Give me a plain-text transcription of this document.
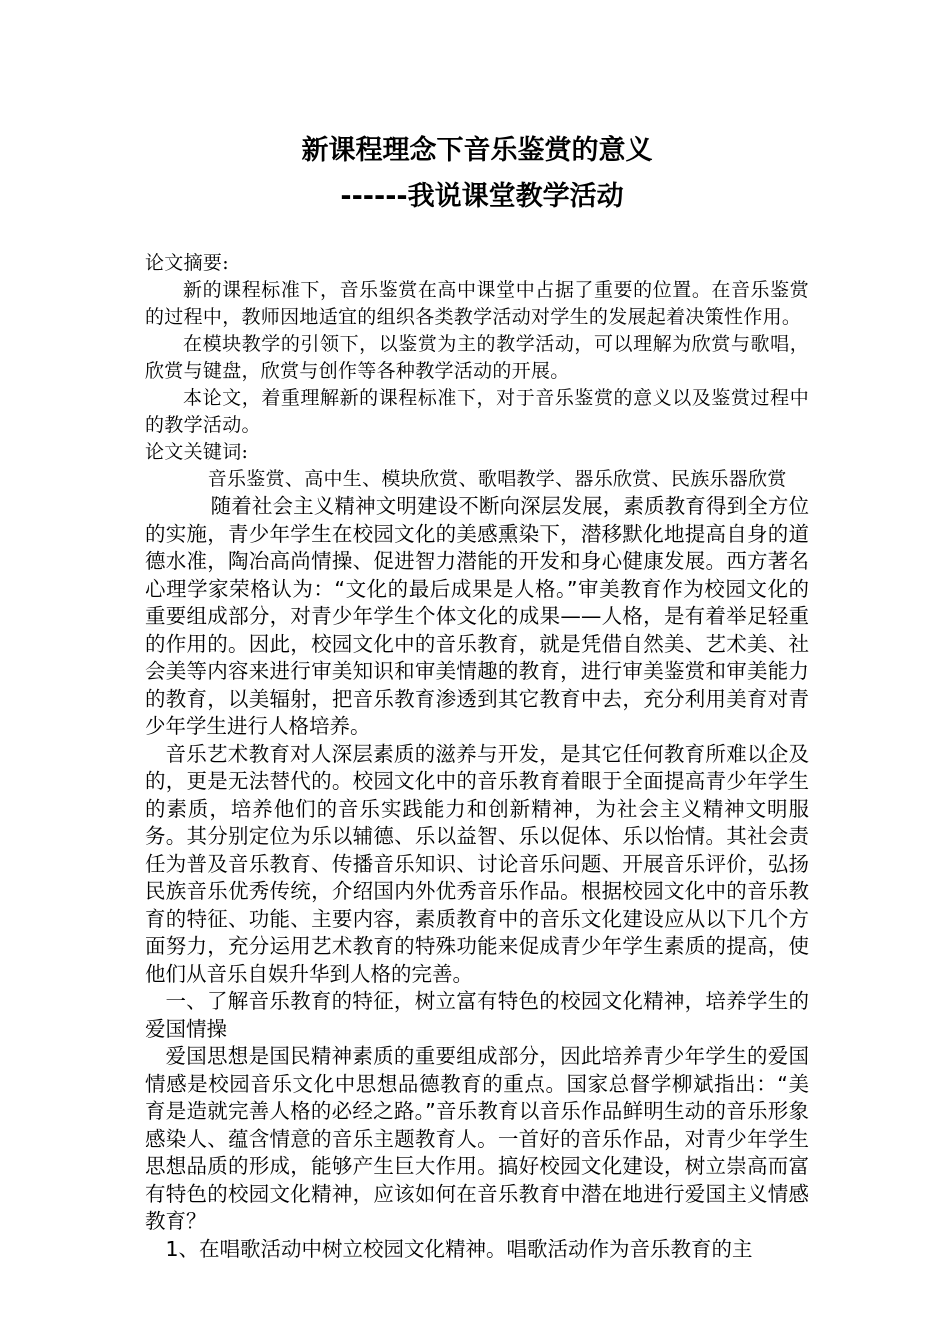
新课程理念下音乐鉴赏的意义
------我说课堂教学活动

论文摘要:

新的课程标准下，音乐鉴赏在高中课堂中占据了重要的位置。在音乐鉴赏的过程中，教师因地适宜的组织各类教学活动对学生的发展起着决策性作用。

在模块教学的引领下，以鉴赏为主的教学活动，可以理解为欣赏与歌唱，欣赏与键盘，欣赏与创作等各种教学活动的开展。

本论文，着重理解新的课程标准下，对于音乐鉴赏的意义以及鉴赏过程中的教学活动。

论文关键词:

音乐鉴赏、高中生、模块欣赏、歌唱教学、器乐欣赏、民族乐器欣赏

随着社会主义精神文明建设不断向深层发展，素质教育得到全方位的实施，青少年学生在校园文化的美感熏染下，潜移默化地提高自身的道德水准，陶冶高尚情操、促进智力潜能的开发和身心健康发展。西方著名心理学家荣格认为：“文化的最后成果是人格。”审美教育作为校园文化的重要组成部分，对青少年学生个体文化的成果——人格，是有着举足轻重的作用的。因此，校园文化中的音乐教育，就是凭借自然美、艺术美、社会美等内容来进行审美知识和审美情趣的教育，进行审美鉴赏和审美能力的教育，以美辐射，把音乐教育渗透到其它教育中去，充分利用美育对青少年学生进行人格培养。

音乐艺术教育对人深层素质的滋养与开发，是其它任何教育所难以企及的，更是无法替代的。校园文化中的音乐教育着眼于全面提高青少年学生的素质，培养他们的音乐实践能力和创新精神，为社会主义精神文明服务。其分别定位为乐以辅德、乐以益智、乐以促体、乐以怡情。其社会责任为普及音乐教育、传播音乐知识、讨论音乐问题、开展音乐评价，弘扬民族音乐优秀传统，介绍国内外优秀音乐作品。根据校园文化中的音乐教育的特征、功能、主要内容，素质教育中的音乐文化建设应从以下几个方面努力，充分运用艺术教育的特殊功能来促成青少年学生素质的提高，使他们从音乐自娱升华到人格的完善。

一、了解音乐教育的特征，树立富有特色的校园文化精神，培养学生的爱国情操

爱国思想是国民精神素质的重要组成部分，因此培养青少年学生的爱国情感是校园音乐文化中思想品德教育的重点。国家总督学柳斌指出：“美育是造就完善人格的必经之路。”音乐教育以音乐作品鲜明生动的音乐形象感染人、蕴含情意的音乐主题教育人。一首好的音乐作品，对青少年学生思想品质的形成，能够产生巨大作用。搞好校园文化建设，树立崇高而富有特色的校园文化精神，应该如何在音乐教育中潜在地进行爱国主义情感教育？

1、在唱歌活动中树立校园文化精神。唱歌活动作为音乐教育的主
